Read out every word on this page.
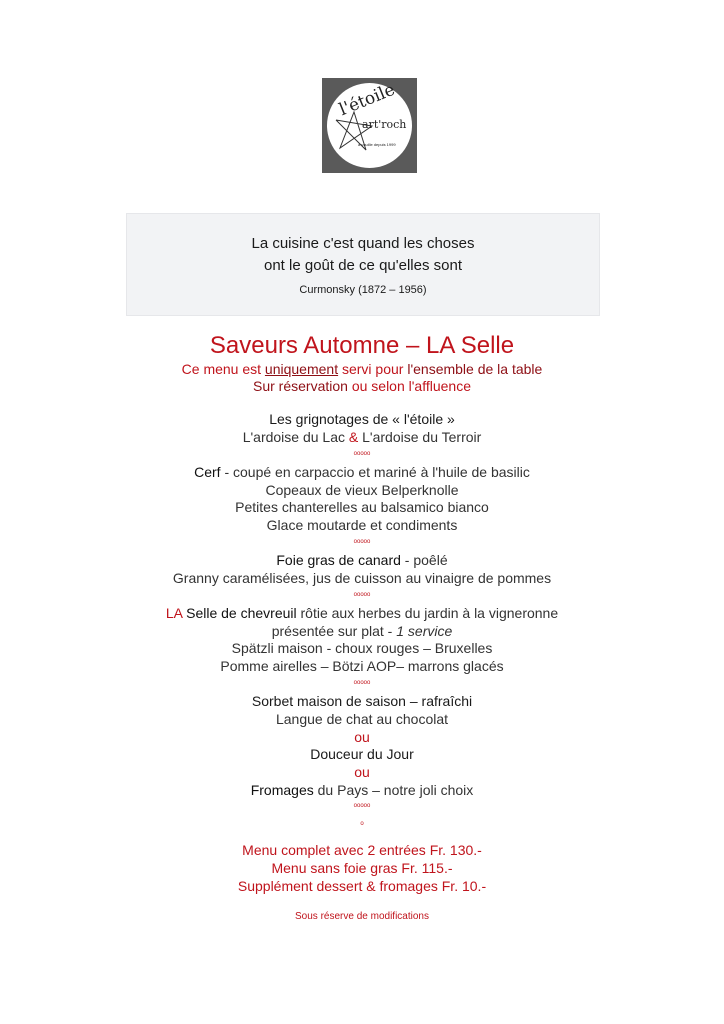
l'étoile
art'roch
à vouille depuis 1999
La cuisine c'est quand les choses
ont le goût de ce qu'elles sont
Curmonsky (1872 – 1956)
Saveurs Automne – LA Selle
Ce menu est uniquement servi pour l'ensemble de la table
Sur réservation ou selon l'affluence
Les grignotages de « l'étoile »
L'ardoise du Lac & L'ardoise du Terroir
ooooo
Cerf - coupé en carpaccio et mariné à l'huile de basilic
Copeaux de vieux Belperknolle
Petites chanterelles au balsamico bianco
Glace moutarde et condiments
ooooo
Foie gras de canard - poêlé
Granny caramélisées, jus de cuisson au vinaigre de pommes
ooooo
LA Selle de chevreuil rôtie aux herbes du jardin à la vigneronne
présentée sur plat - 1 service
Spätzli maison - choux rouges – Bruxelles
Pomme airelles – Bötzi AOP– marrons glacés
ooooo
Sorbet maison de saison – rafraîchi
Langue de chat au chocolat
ou
Douceur du Jour
ou
Fromages du Pays – notre joli choix
ooooo
o
Menu complet avec 2 entrées Fr. 130.-
Menu sans foie gras Fr. 115.-
Supplément dessert & fromages Fr. 10.-
Sous réserve de modifications
